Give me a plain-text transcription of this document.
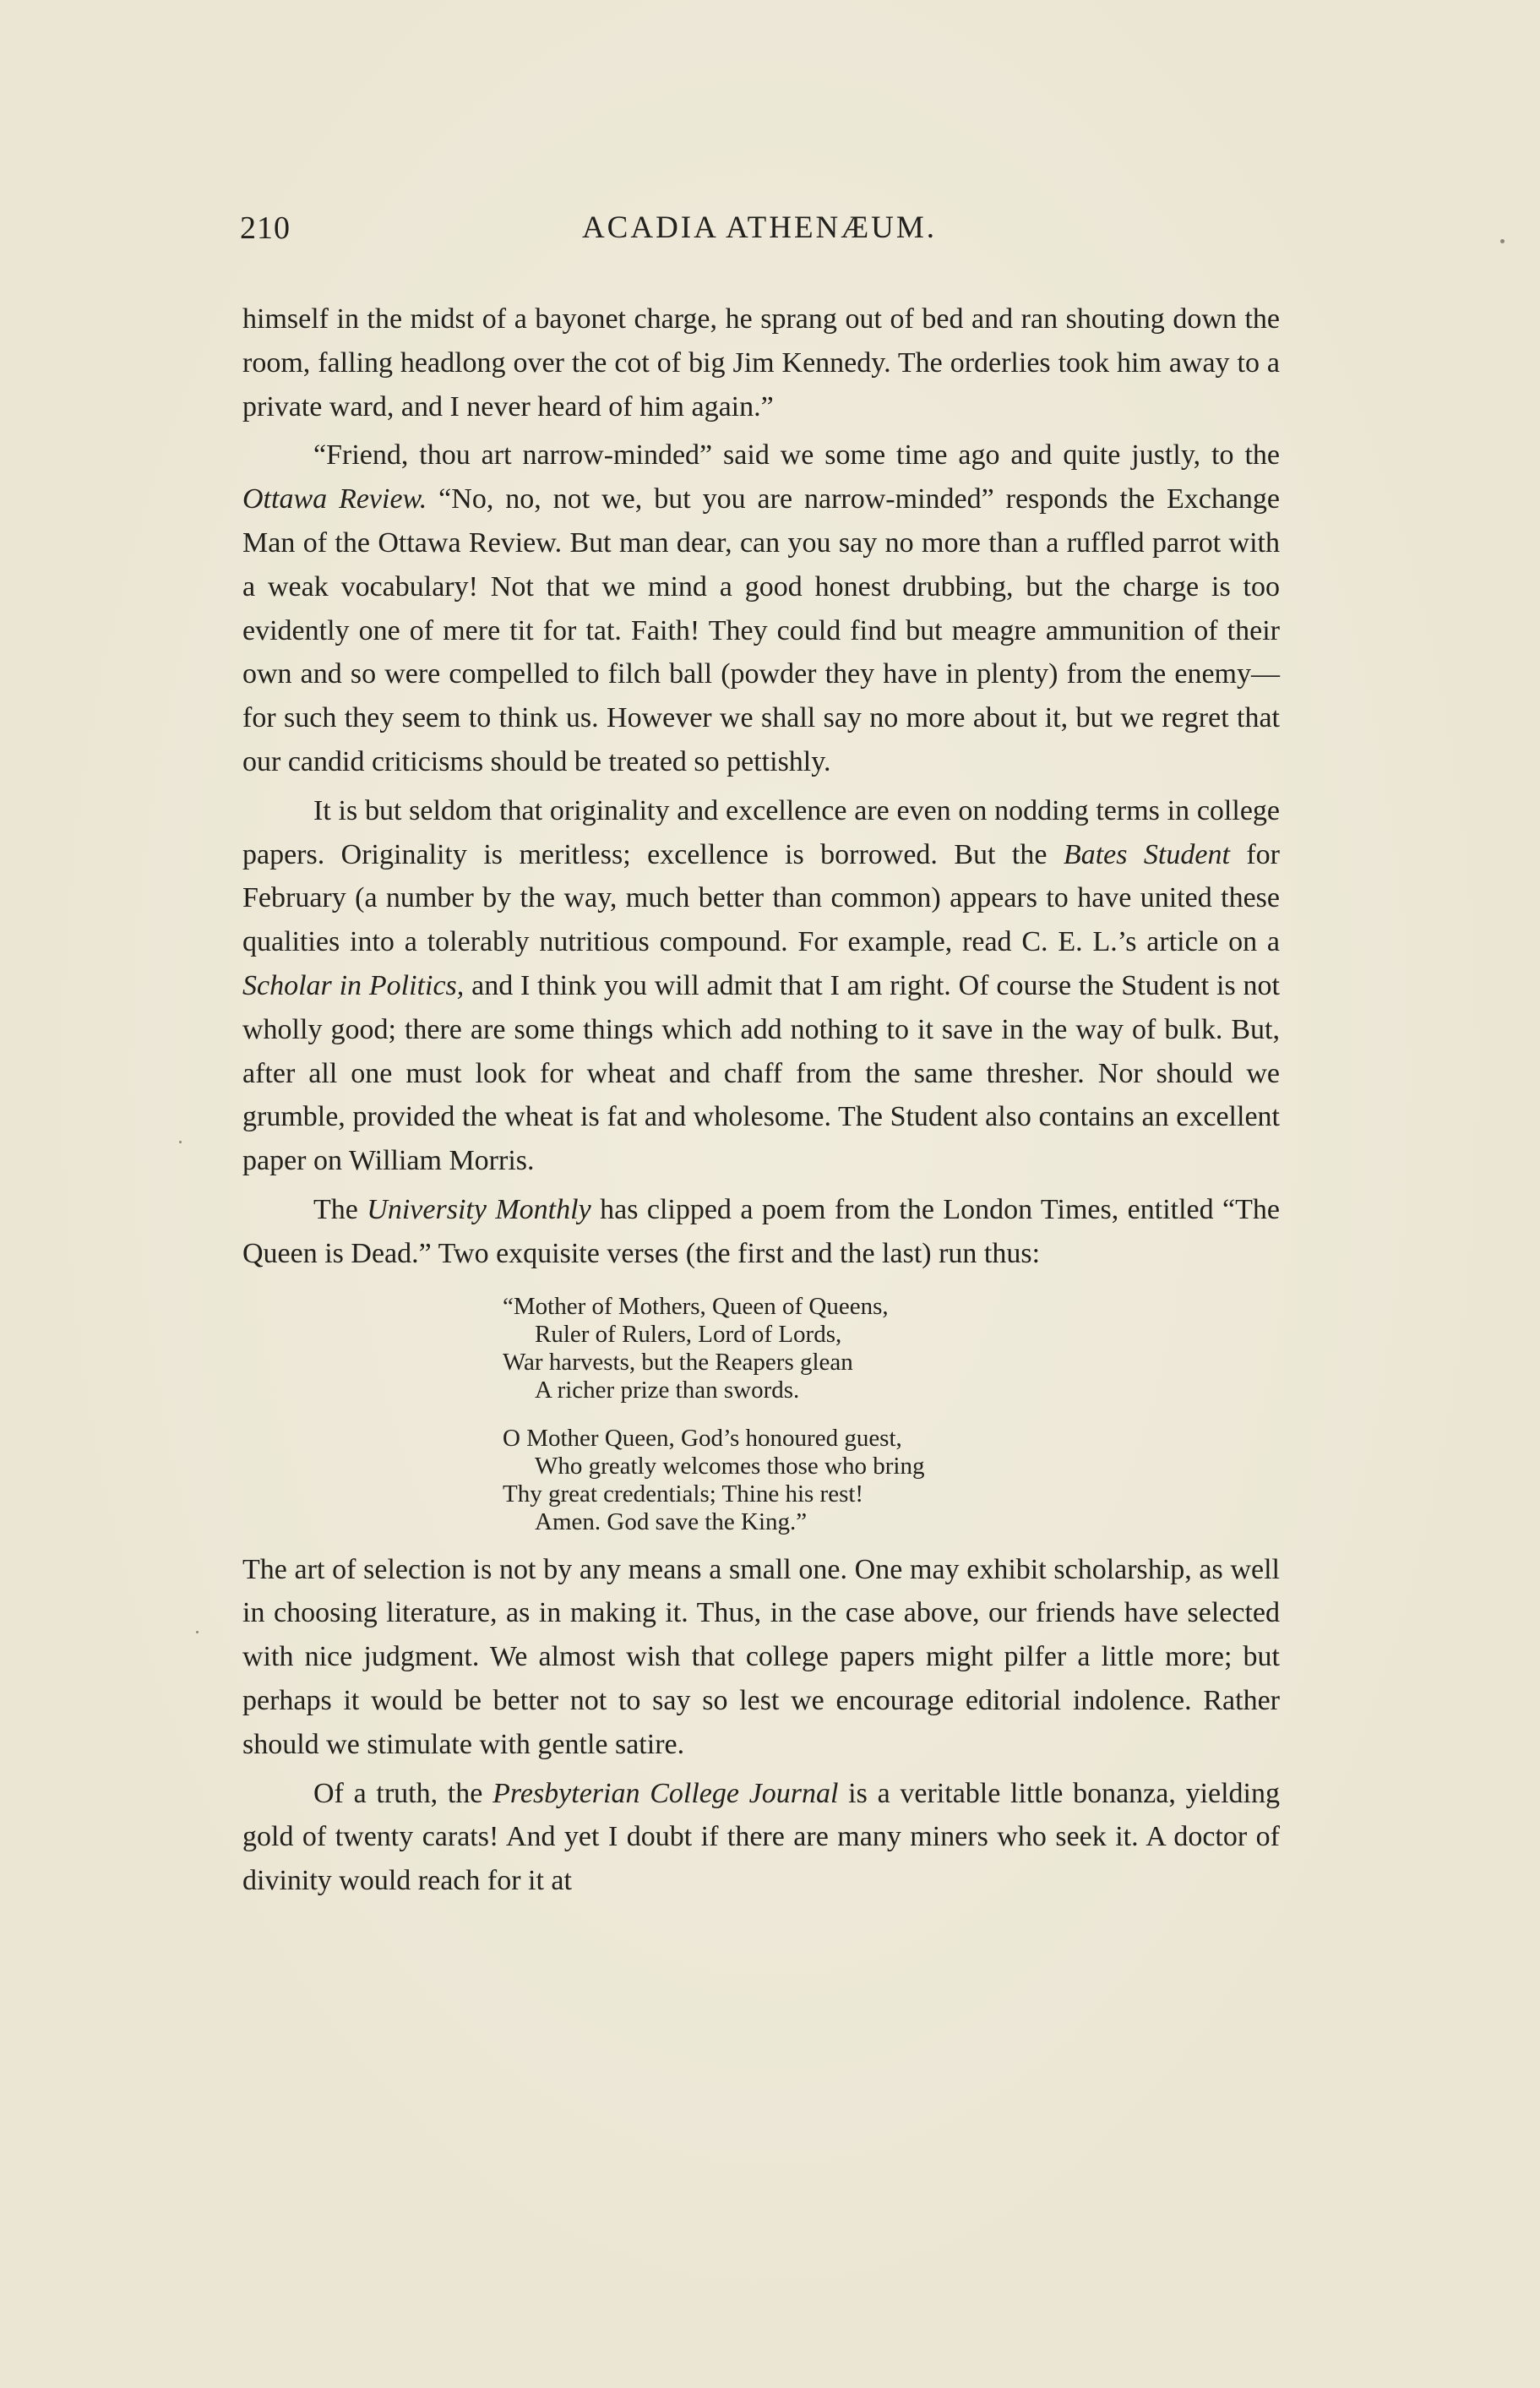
210	ACADIA ATHENÆUM.

himself in the midst of a bayonet charge, he sprang out of bed and ran shouting down the room, falling headlong over the cot of big Jim Kennedy. The orderlies took him away to a private ward, and I never heard of him again.”

“Friend, thou art narrow-minded” said we some time ago and quite justly, to the Ottawa Review. “No, no, not we, but you are narrow-minded” responds the Exchange Man of the Ottawa Review. But man dear, can you say no more than a ruffled parrot with a weak vocabulary! Not that we mind a good honest drubbing, but the charge is too evidently one of mere tit for tat. Faith! They could find but meagre ammunition of their own and so were compelled to filch ball (powder they have in plenty) from the enemy—for such they seem to think us. However we shall say no more about it, but we regret that our candid criticisms should be treated so pettishly.

It is but seldom that originality and excellence are even on nodding terms in college papers. Originality is meritless; excellence is borrowed. But the Bates Student for February (a number by the way, much better than common) appears to have united these qualities into a tolerably nutritious compound. For example, read C. E. L.’s article on a Scholar in Politics, and I think you will admit that I am right. Of course the Student is not wholly good; there are some things which add nothing to it save in the way of bulk. But, after all one must look for wheat and chaff from the same thresher. Nor should we grumble, provided the wheat is fat and wholesome. The Student also contains an excellent paper on William Morris.

The University Monthly has clipped a poem from the London Times, entitled “The Queen is Dead.” Two exquisite verses (the first and the last) run thus:

“Mother of Mothers, Queen of Queens,
Ruler of Rulers, Lord of Lords,
War harvests, but the Reapers glean
A richer prize than swords.

O Mother Queen, God’s honoured guest,
Who greatly welcomes those who bring
Thy great credentials; Thine his rest!
Amen. God save the King.”

The art of selection is not by any means a small one. One may exhibit scholarship, as well in choosing literature, as in making it. Thus, in the case above, our friends have selected with nice judgment. We almost wish that college papers might pilfer a little more; but perhaps it would be better not to say so lest we encourage editorial indolence. Rather should we stimulate with gentle satire.

Of a truth, the Presbyterian College Journal is a veritable little bonanza, yielding gold of twenty carats! And yet I doubt if there are many miners who seek it. A doctor of divinity would reach for it at
